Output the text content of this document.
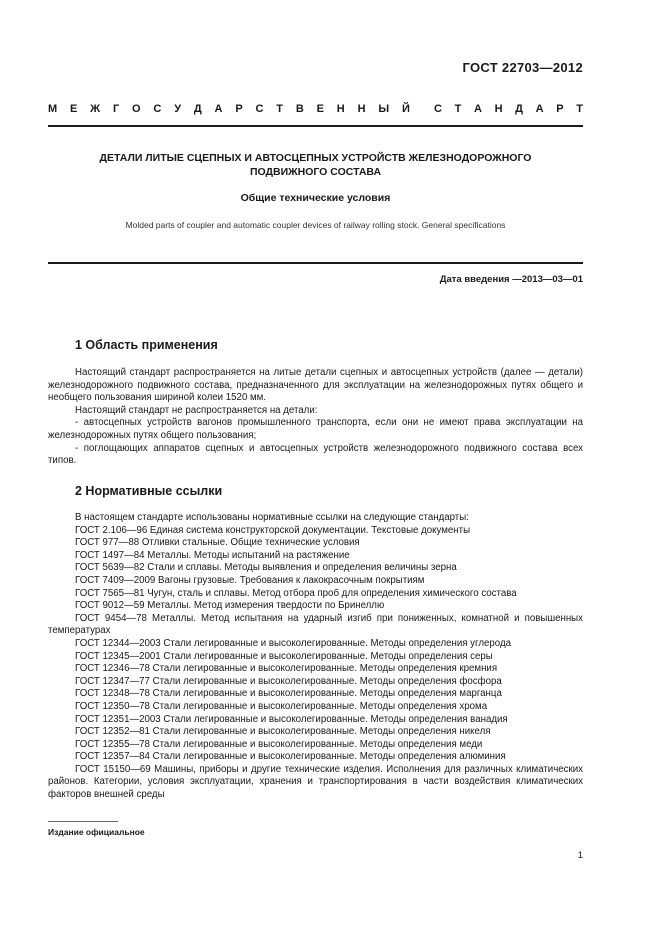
ГОСТ 22703—2012
М Е Ж Г О С У Д А Р С Т В Е Н Н Ы Й С Т А Н Д А Р Т
ДЕТАЛИ ЛИТЫЕ СЦЕПНЫХ И АВТОСЦЕПНЫХ УСТРОЙСТВ ЖЕЛЕЗНОДОРОЖНОГО
ПОДВИЖНОГО СОСТАВА
Общие технические условия
Molded parts of coupler and automatic coupler devices of railway rolling stock. General specifications
Дата введения —2013—03—01
1 Область применения

Настоящий стандарт распространяется на литые детали сцепных и автосцепных устройств (далее — детали) железнодорожного подвижного состава, предназначенного для эксплуатации на железнодорожных путях общего и необщего пользования шириной колеи 1520 мм.

Настоящий стандарт не распространяется на детали:

- автосцепных устройств вагонов промышленного транспорта, если они не имеют права эксплуатации на железнодорожных путях общего пользования;

- поглощающих аппаратов сцепных и автосцепных устройств железнодорожного подвижного состава всех типов.

2 Нормативные ссылки

В настоящем стандарте использованы нормативные ссылки на следующие стандарты:

ГОСТ 2.106—96 Единая система конструкторской документации. Текстовые документы

ГОСТ 977—88 Отливки стальные. Общие технические условия

ГОСТ 1497—84 Металлы. Методы испытаний на растяжение

ГОСТ 5639—82 Стали и сплавы. Методы выявления и определения величины зерна

ГОСТ 7409—2009 Вагоны грузовые. Требования к лакокрасочным покрытиям

ГОСТ 7565—81 Чугун, сталь и сплавы. Метод отбора проб для определения химического состава

ГОСТ 9012—59 Металлы. Метод измерения твердости по Бринеллю

ГОСТ 9454—78 Металлы. Метод испытания на ударный изгиб при пониженных, комнатной и повышенных температурах

ГОСТ 12344—2003 Стали легированные и высоколегированные. Методы определения углерода

ГОСТ 12345—2001 Стали легированные и высоколегированные. Методы определения серы

ГОСТ 12346—78 Стали легированные и высоколегированные. Методы определения кремния

ГОСТ 12347—77 Стали легированные и высоколегированные. Методы определения фосфора

ГОСТ 12348—78 Стали легированные и высоколегированные. Методы определения марганца

ГОСТ 12350—78 Стали легированные и высоколегированные. Методы определения хрома

ГОСТ 12351—2003 Стали легированные и высоколегированные. Методы определения ванадия

ГОСТ 12352—81 Стали легированные и высоколегированные. Методы определения никеля

ГОСТ 12355—78 Стали легированные и высоколегированные. Методы определения меди

ГОСТ 12357—84 Стали легированные и высоколегированные. Методы определения алюминия

ГОСТ 15150—69 Машины, приборы и другие технические изделия. Исполнения для различных климатических районов. Категории, условия эксплуатации, хранения и транспортирования в части воздействия климатических факторов внешней среды

Издание официальное
1
